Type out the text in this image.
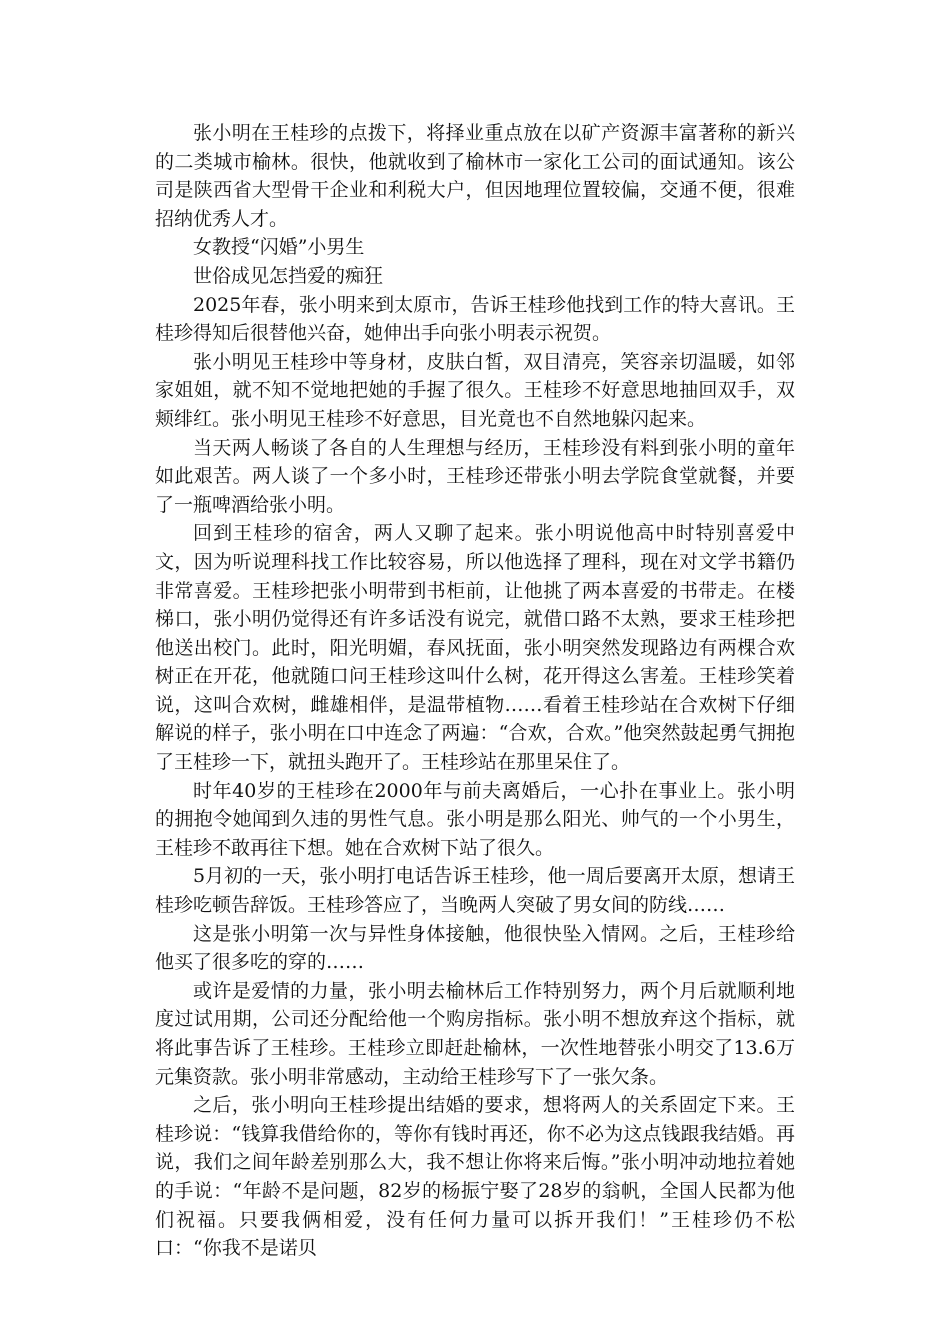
张小明在王桂珍的点拨下，将择业重点放在以矿产资源丰富著称的新兴的二类城市榆林。很快，他就收到了榆林市一家化工公司的面试通知。该公司是陕西省大型骨干企业和利税大户，但因地理位置较偏，交通不便，很难招纳优秀人才。

女教授“闪婚”小男生

世俗成见怎挡爱的痴狂

2025年春，张小明来到太原市，告诉王桂珍他找到工作的特大喜讯。王桂珍得知后很替他兴奋，她伸出手向张小明表示祝贺。

张小明见王桂珍中等身材，皮肤白皙，双目清亮，笑容亲切温暖，如邻家姐姐，就不知不觉地把她的手握了很久。王桂珍不好意思地抽回双手，双颊绯红。张小明见王桂珍不好意思，目光竟也不自然地躲闪起来。

当天两人畅谈了各自的人生理想与经历，王桂珍没有料到张小明的童年如此艰苦。两人谈了一个多小时，王桂珍还带张小明去学院食堂就餐，并要了一瓶啤酒给张小明。

回到王桂珍的宿舍，两人又聊了起来。张小明说他高中时特别喜爱中文，因为听说理科找工作比较容易，所以他选择了理科，现在对文学书籍仍非常喜爱。王桂珍把张小明带到书柜前，让他挑了两本喜爱的书带走。在楼梯口，张小明仍觉得还有许多话没有说完，就借口路不太熟，要求王桂珍把他送出校门。此时，阳光明媚，春风抚面，张小明突然发现路边有两棵合欢树正在开花，他就随口问王桂珍这叫什么树，花开得这么害羞。王桂珍笑着说，这叫合欢树，雌雄相伴，是温带植物……看着王桂珍站在合欢树下仔细解说的样子，张小明在口中连念了两遍：“合欢，合欢。”他突然鼓起勇气拥抱了王桂珍一下，就扭头跑开了。王桂珍站在那里呆住了。

时年40岁的王桂珍在2000年与前夫离婚后，一心扑在事业上。张小明的拥抱令她闻到久违的男性气息。张小明是那么阳光、帅气的一个小男生，王桂珍不敢再往下想。她在合欢树下站了很久。

5月初的一天，张小明打电话告诉王桂珍，他一周后要离开太原，想请王桂珍吃顿告辞饭。王桂珍答应了，当晚两人突破了男女间的防线……

这是张小明第一次与异性身体接触，他很快坠入情网。之后，王桂珍给他买了很多吃的穿的……

或许是爱情的力量，张小明去榆林后工作特别努力，两个月后就顺利地度过试用期，公司还分配给他一个购房指标。张小明不想放弃这个指标，就将此事告诉了王桂珍。王桂珍立即赶赴榆林，一次性地替张小明交了13.6万元集资款。张小明非常感动，主动给王桂珍写下了一张欠条。

之后，张小明向王桂珍提出结婚的要求，想将两人的关系固定下来。王桂珍说：“钱算我借给你的，等你有钱时再还，你不必为这点钱跟我结婚。再说，我们之间年龄差别那么大，我不想让你将来后悔。”张小明冲动地拉着她的手说：“年龄不是问题，82岁的杨振宁娶了28岁的翁帆，全国人民都为他们祝福。只要我俩相爱，没有任何力量可以拆开我们！”王桂珍仍不松口：“你我不是诺贝
